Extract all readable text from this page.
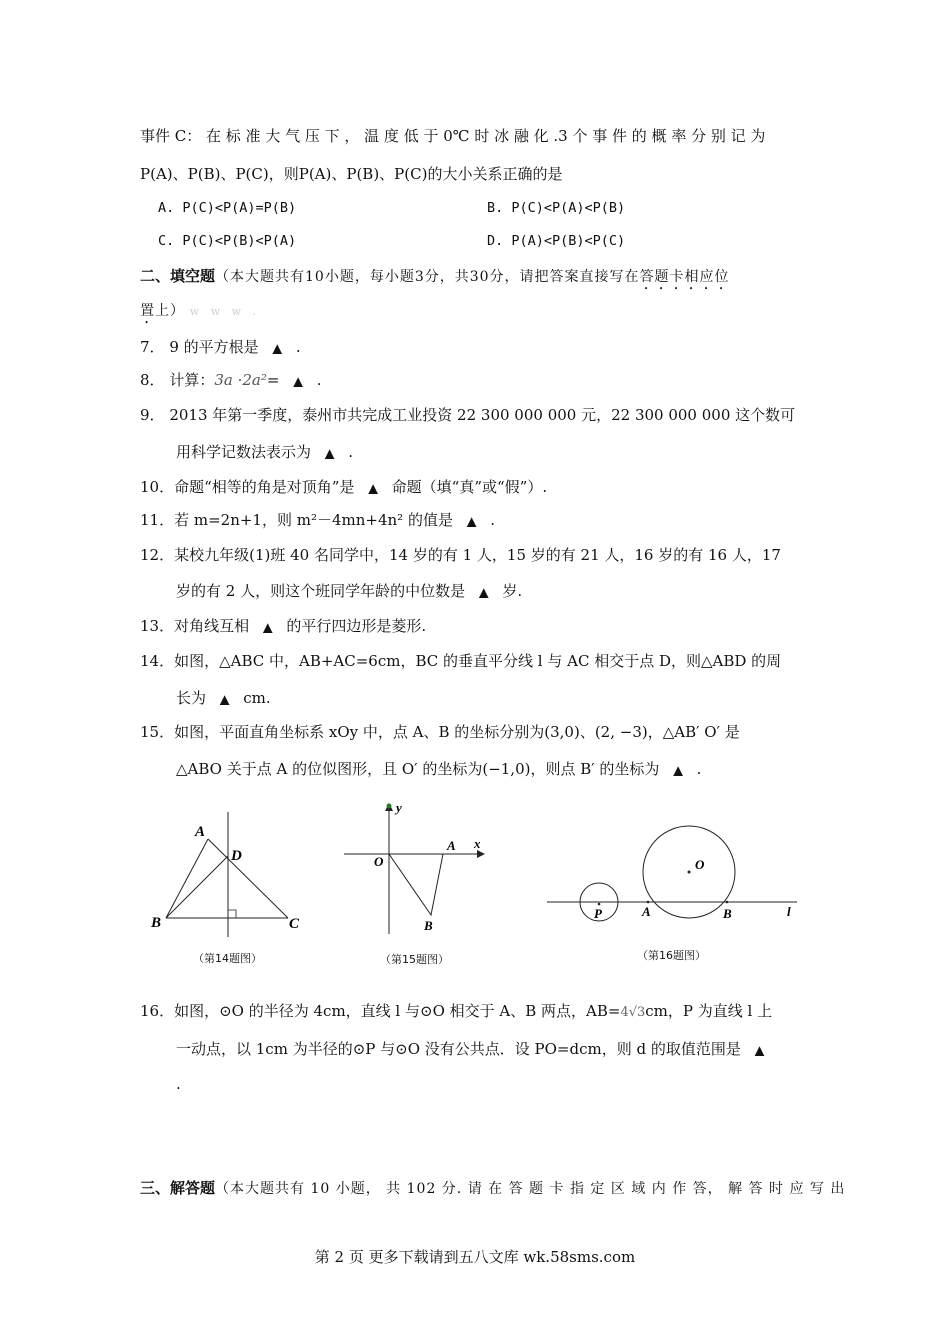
事件 C： 在 标 准 大 气 压 下 ， 温 度 低 于 0℃ 时 冰 融 化 .3 个 事 件 的 概 率 分 别 记 为
P(A)、P(B)、P(C)，则P(A)、P(B)、P(C)的大小关系正确的是
A. P(C)<P(A)=P(B)	B. P(C)<P(A)<P(B)
C. P(C)<P(B)<P(A)	D. P(A)<P(B)<P(C)
二、填空题（本大题共有10小题，每小题3分，共30分，请把答案直接写在答题卡相应位
置上） w w w .
7． 9 的平方根是 ▲ .
8． 计算：3a ·2a²= ▲ .
9． 2013 年第一季度，泰州市共完成工业投资 22 300 000 000 元，22 300 000 000 这个数可
用科学记数法表示为 ▲ .
10．命题“相等的角是对顶角”是 ▲ 命题（填“真”或“假”）.
11．若 m=2n+1，则 m²－4mn+4n² 的值是 ▲ .
12．某校九年级(1)班 40 名同学中，14 岁的有 1 人，15 岁的有 21 人，16 岁的有 16 人，17
岁的有 2 人，则这个班同学年龄的中位数是 ▲ 岁.
13．对角线互相 ▲ 的平行四边形是菱形.
14．如图，△ABC 中，AB+AC=6cm，BC 的垂直平分线 l 与 AC 相交于点 D，则△ABD 的周
长为 ▲ cm.
15．如图，平面直角坐标系 xOy 中，点 A、B 的坐标分别为(3,0)、(2, −3)，△AB′ O′ 是
△ABO 关于点 A 的位似图形，且 O′ 的坐标为(−1,0)，则点 B′ 的坐标为 ▲ .
A
D
B	C
（第14题图）
y
x
O
A
B
（第15题图）
O
P	A	B	l
（第16题图）
16．如图，⊙O 的半径为 4cm，直线 l 与⊙O 相交于 A、B 两点，AB=4√3cm，P 为直线 l 上
一动点，以 1cm 为半径的⊙P 与⊙O 没有公共点．设 PO=dcm，则 d 的取值范围是 ▲
.
三、解答题（本大题共有 10 小题， 共 102 分. 请 在 答 题 卡 指 定 区 域 内 作 答， 解 答 时 应 写 出
第 2 页 更多下载请到五八文库 wk.58sms.com
